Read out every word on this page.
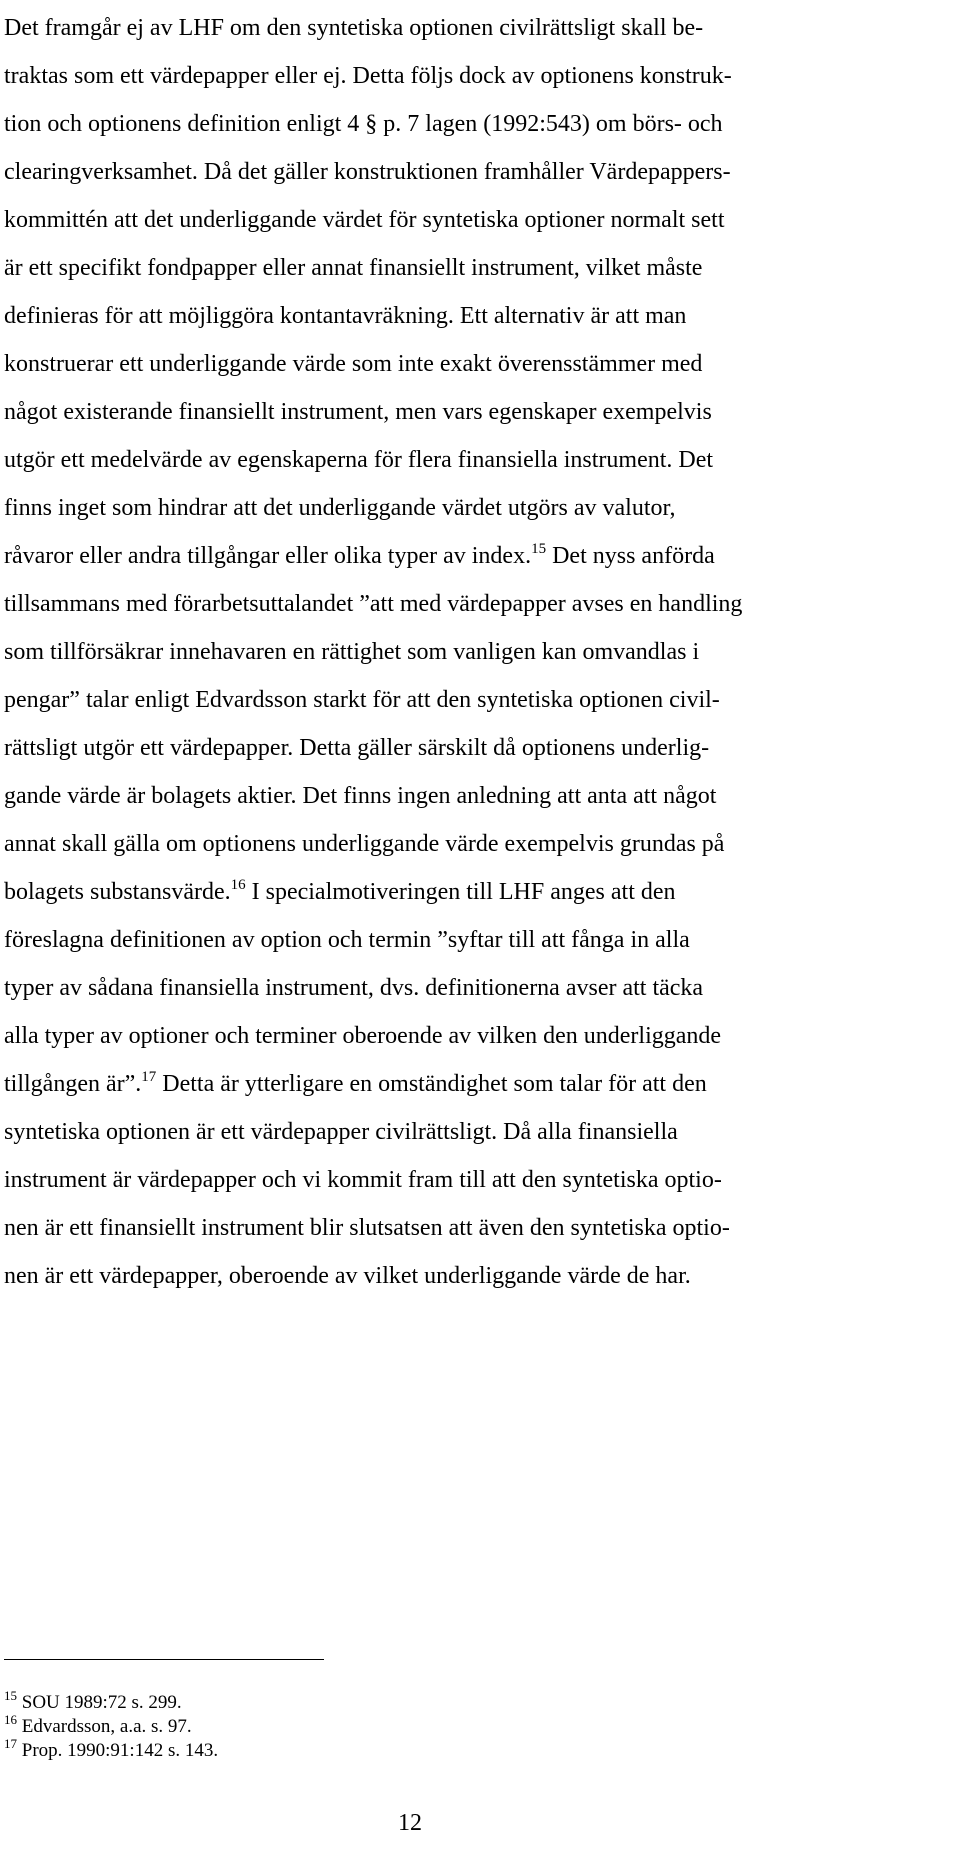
Det framgår ej av LHF om den syntetiska optionen civilrättsligt skall be-
traktas som ett värdepapper eller ej. Detta följs dock av optionens konstruk-
tion och optionens definition enligt 4 § p. 7 lagen (1992:543) om börs- och
clearingverksamhet. Då det gäller konstruktionen framhåller Värdepappers-
kommittén att det underliggande värdet för syntetiska optioner normalt sett
är ett specifikt fondpapper eller annat finansiellt instrument, vilket måste
definieras för att möjliggöra kontantavräkning. Ett alternativ är att man
konstruerar ett underliggande värde som inte exakt överensstämmer med
något existerande finansiellt instrument, men vars egenskaper exempelvis
utgör ett medelvärde av egenskaperna för flera finansiella instrument. Det
finns inget som hindrar att det underliggande värdet utgörs av valutor,
råvaror eller andra tillgångar eller olika typer av index.$^{15}$ Det nyss anförda
tillsammans med förarbetsuttalandet ”att med värdepapper avses en handling
som tillförsäkrar innehavaren en rättighet som vanligen kan omvandlas i
pengar” talar enligt Edvardsson starkt för att den syntetiska optionen civil-
rättsligt utgör ett värdepapper. Detta gäller särskilt då optionens underlig-
gande värde är bolagets aktier. Det finns ingen anledning att anta att något
annat skall gälla om optionens underliggande värde exempelvis grundas på
bolagets substansvärde.$^{16}$ I specialmotiveringen till LHF anges att den
föreslagna definitionen av option och termin ”syftar till att fånga in alla
typer av sådana finansiella instrument, dvs. definitionerna avser att täcka
alla typer av optioner och terminer oberoende av vilken den underliggande
tillgången är”.$^{17}$ Detta är ytterligare en omständighet som talar för att den
syntetiska optionen är ett värdepapper civilrättsligt. Då alla finansiella
instrument är värdepapper och vi kommit fram till att den syntetiska optio-
nen är ett finansiellt instrument blir slutsatsen att även den syntetiska optio-
nen är ett värdepapper, oberoende av vilket underliggande värde de har.
$^{15}$ SOU 1989:72 s. 299.
$^{16}$ Edvardsson, a.a. s. 97.
$^{17}$ Prop. 1990:91:142 s. 143.
12
